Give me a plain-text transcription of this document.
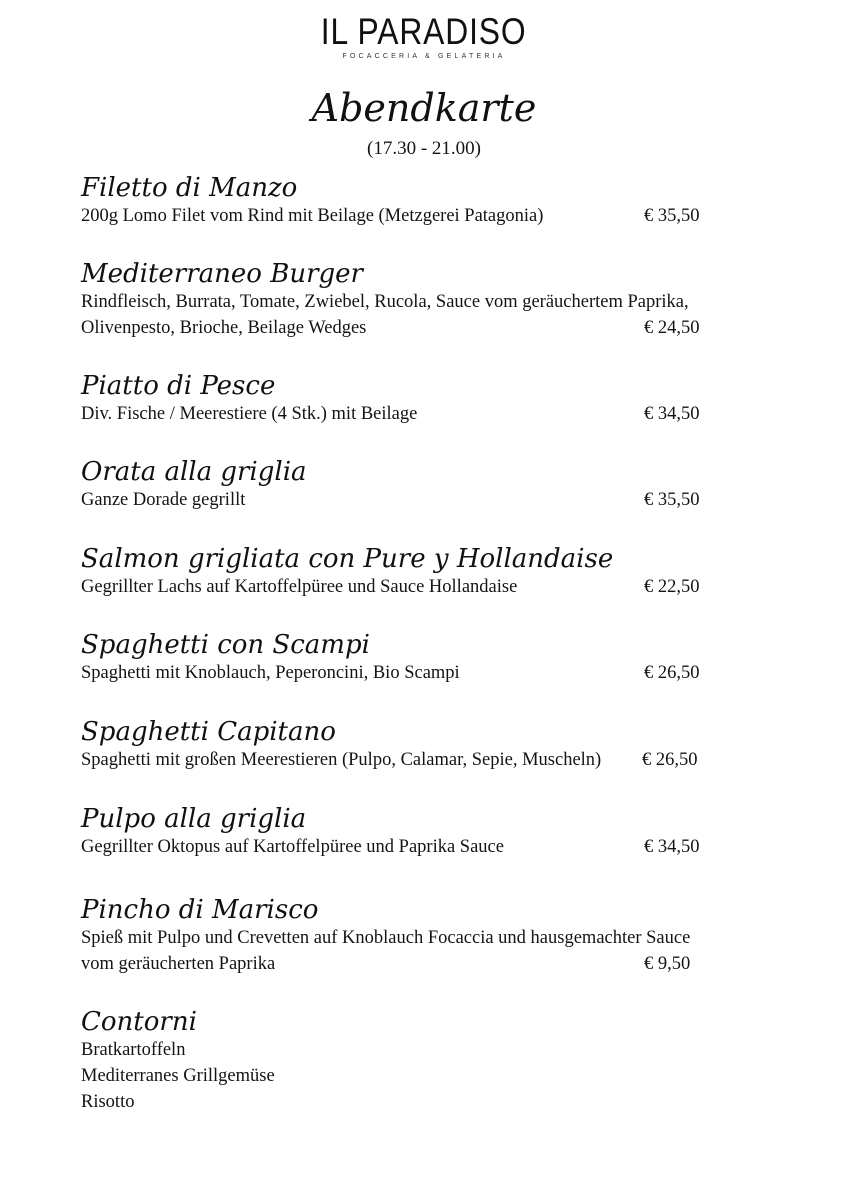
IL PARADISO
FOCACCERIA & GELATERIA
Abendkarte
(17.30 - 21.00)
Filetto di Manzo
200g Lomo Filet vom Rind mit Beilage (Metzgerei Patagonia)	€ 35,50
Mediterraneo Burger
Rindfleisch, Burrata, Tomate, Zwiebel, Rucola, Sauce vom geräuchertem Paprika,
Olivenpesto, Brioche, Beilage Wedges	€ 24,50
Piatto di Pesce
Div. Fische / Meerestiere (4 Stk.) mit Beilage	€ 34,50
Orata alla griglia
Ganze Dorade gegrillt	€ 35,50
Salmon grigliata con Pure y Hollandaise
Gegrillter Lachs auf Kartoffelpüree und Sauce Hollandaise	€ 22,50
Spaghetti con Scampi
Spaghetti mit Knoblauch, Peperoncini, Bio Scampi	€ 26,50
Spaghetti Capitano
Spaghetti mit großen Meerestieren (Pulpo, Calamar, Sepie, Muscheln) € 26,50
Pulpo alla griglia
Gegrillter Oktopus auf Kartoffelpüree und Paprika Sauce	€ 34,50
Pincho di Marisco
Spieß mit Pulpo und Crevetten auf Knoblauch Focaccia und hausgemachter Sauce
vom geräucherten Paprika	€ 9,50
Contorni
Bratkartoffeln
Mediterranes Grillgemüse
Risotto
